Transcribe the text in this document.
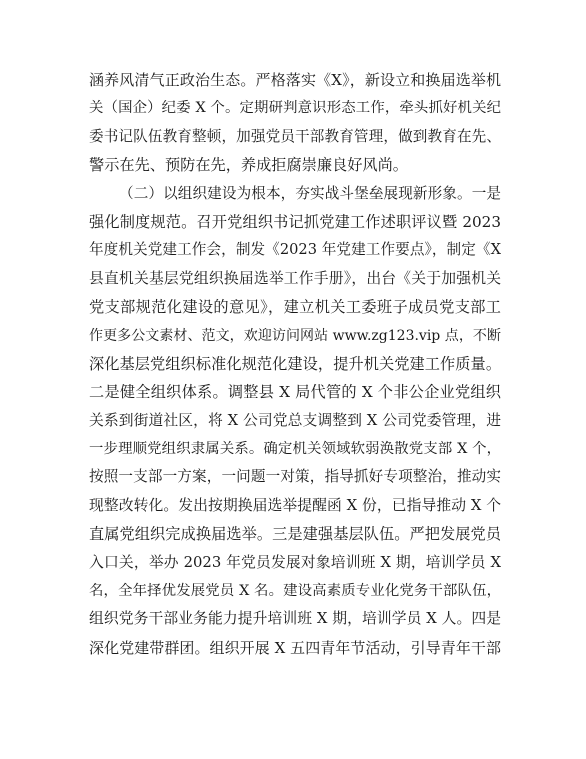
涵养风清气正政治生态。严格落实《X》，新设立和换届选举机
关（国企）纪委 X 个。定期研判意识形态工作，牵头抓好机关纪
委书记队伍教育整顿，加强党员干部教育管理，做到教育在先、
警示在先、预防在先，养成拒腐崇廉良好风尚。
（二）以组织建设为根本，夯实战斗堡垒展现新形象。一是
强化制度规范。召开党组织书记抓党建工作述职评议暨 2023
年度机关党建工作会，制发《2023 年党建工作要点》，制定《X
县直机关基层党组织换届选举工作手册》，出台《关于加强机关
党支部规范化建设的意见》，建立机关工委班子成员党支部工
作更多公文素材、范文，欢迎访问网站 www.zg123.vip 点，不断
深化基层党组织标准化规范化建设，提升机关党建工作质量。
二是健全组织体系。调整县 X 局代管的 X 个非公企业党组织
关系到街道社区，将 X 公司党总支调整到 X 公司党委管理，进
一步理顺党组织隶属关系。确定机关领域软弱涣散党支部 X 个，
按照一支部一方案，一问题一对策，指导抓好专项整治，推动实
现整改转化。发出按期换届选举提醒函 X 份，已指导推动 X 个
直属党组织完成换届选举。三是建强基层队伍。严把发展党员
入口关，举办 2023 年党员发展对象培训班 X 期，培训学员 X
名，全年择优发展党员 X 名。建设高素质专业化党务干部队伍，
组织党务干部业务能力提升培训班 X 期，培训学员 X 人。四是
深化党建带群团。组织开展 X 五四青年节活动，引导青年干部
